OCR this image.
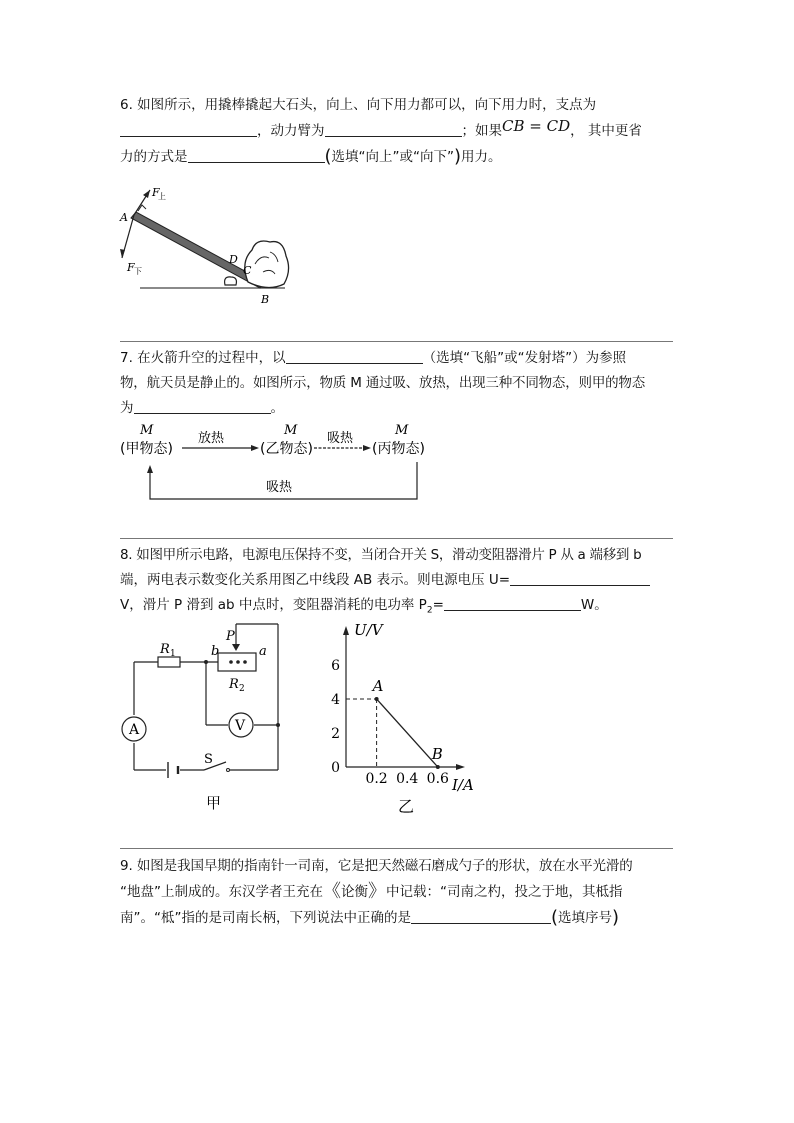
6. 如图所示，用撬棒撬起大石头，向上、向下用力都可以，向下用力时，支点为
，动力臂为	；如果CB = CD， 其中更省
力的方式是	(选填“向上”或“向下”)用力。
F
上
A
F 下
D
C
B
7. 在火箭升空的过程中，以	（选填“飞船”或“发射塔”）为参照
物，航天员是静止的。如图所示，物质 M 通过吸、放热，出现三种不同物态，则甲的物态
为	。
M
(甲物态)
放热
M
(乙物态)
吸热
M
(丙物态)
吸热
8. 如图甲所示电路，电源电压保持不变，当闭合开关 S，滑动变阻器滑片 P 从 a 端移到 b
端，两电表示数变化关系用图乙中线段 AB 表示。则电源电压 U=
V，滑片 P 滑到 ab 中点时，变阻器消耗的电功率 $P_2=$	W。
A	V
R 1
P
b	a
R 2
S
甲
U/V
I/A
乙
0
2
4
6
0.2 0.4 0.6
A
B
9. 如图是我国早期的指南针一司南，它是把天然磁石磨成勺子的形状，放在水平光滑的
“地盘”上制成的。东汉学者王充在《论衡》中记载：“司南之杓，投之于地，其柢指
南”。“柢”指的是司南长柄，下列说法中正确的是	(选填序号)
